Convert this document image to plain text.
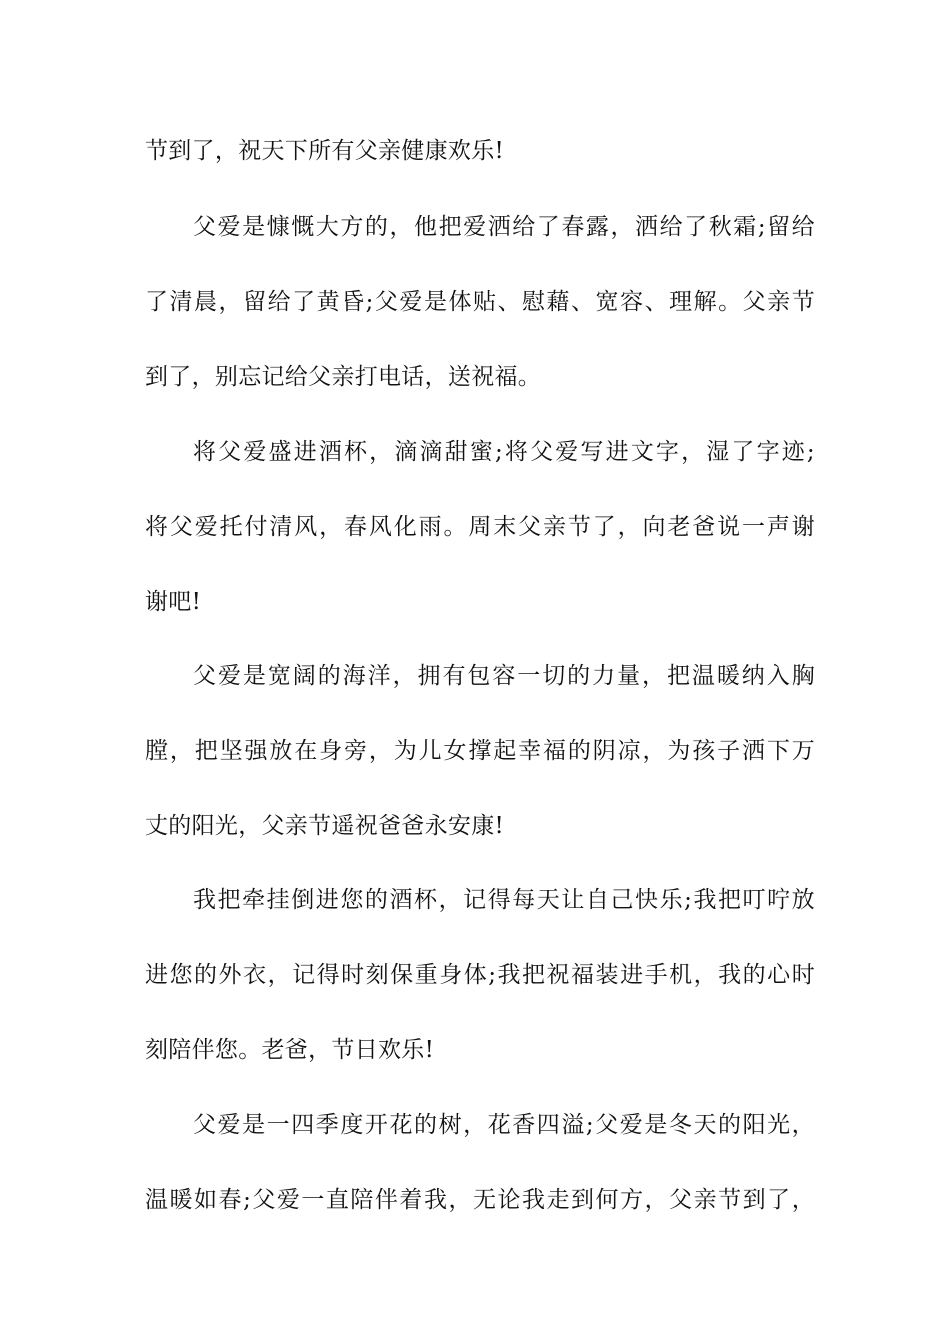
节到了，祝天下所有父亲健康欢乐!
父爱是慷慨大方的，他把爱洒给了春露，洒给了秋霜;留给
了清晨，留给了黄昏;父爱是体贴、慰藉、宽容、理解。父亲节
到了，别忘记给父亲打电话，送祝福。
将父爱盛进酒杯，滴滴甜蜜;将父爱写进文字，湿了字迹;
将父爱托付清风，春风化雨。周末父亲节了，向老爸说一声谢
谢吧!
父爱是宽阔的海洋，拥有包容一切的力量，把温暖纳入胸
膛，把坚强放在身旁，为儿女撑起幸福的阴凉，为孩子洒下万
丈的阳光，父亲节遥祝爸爸永安康!
我把牵挂倒进您的酒杯，记得每天让自己快乐;我把叮咛放
进您的外衣，记得时刻保重身体;我把祝福装进手机，我的心时
刻陪伴您。老爸，节日欢乐!
父爱是一四季度开花的树，花香四溢;父爱是冬天的阳光，
温暖如春;父爱一直陪伴着我，无论我走到何方，父亲节到了，
